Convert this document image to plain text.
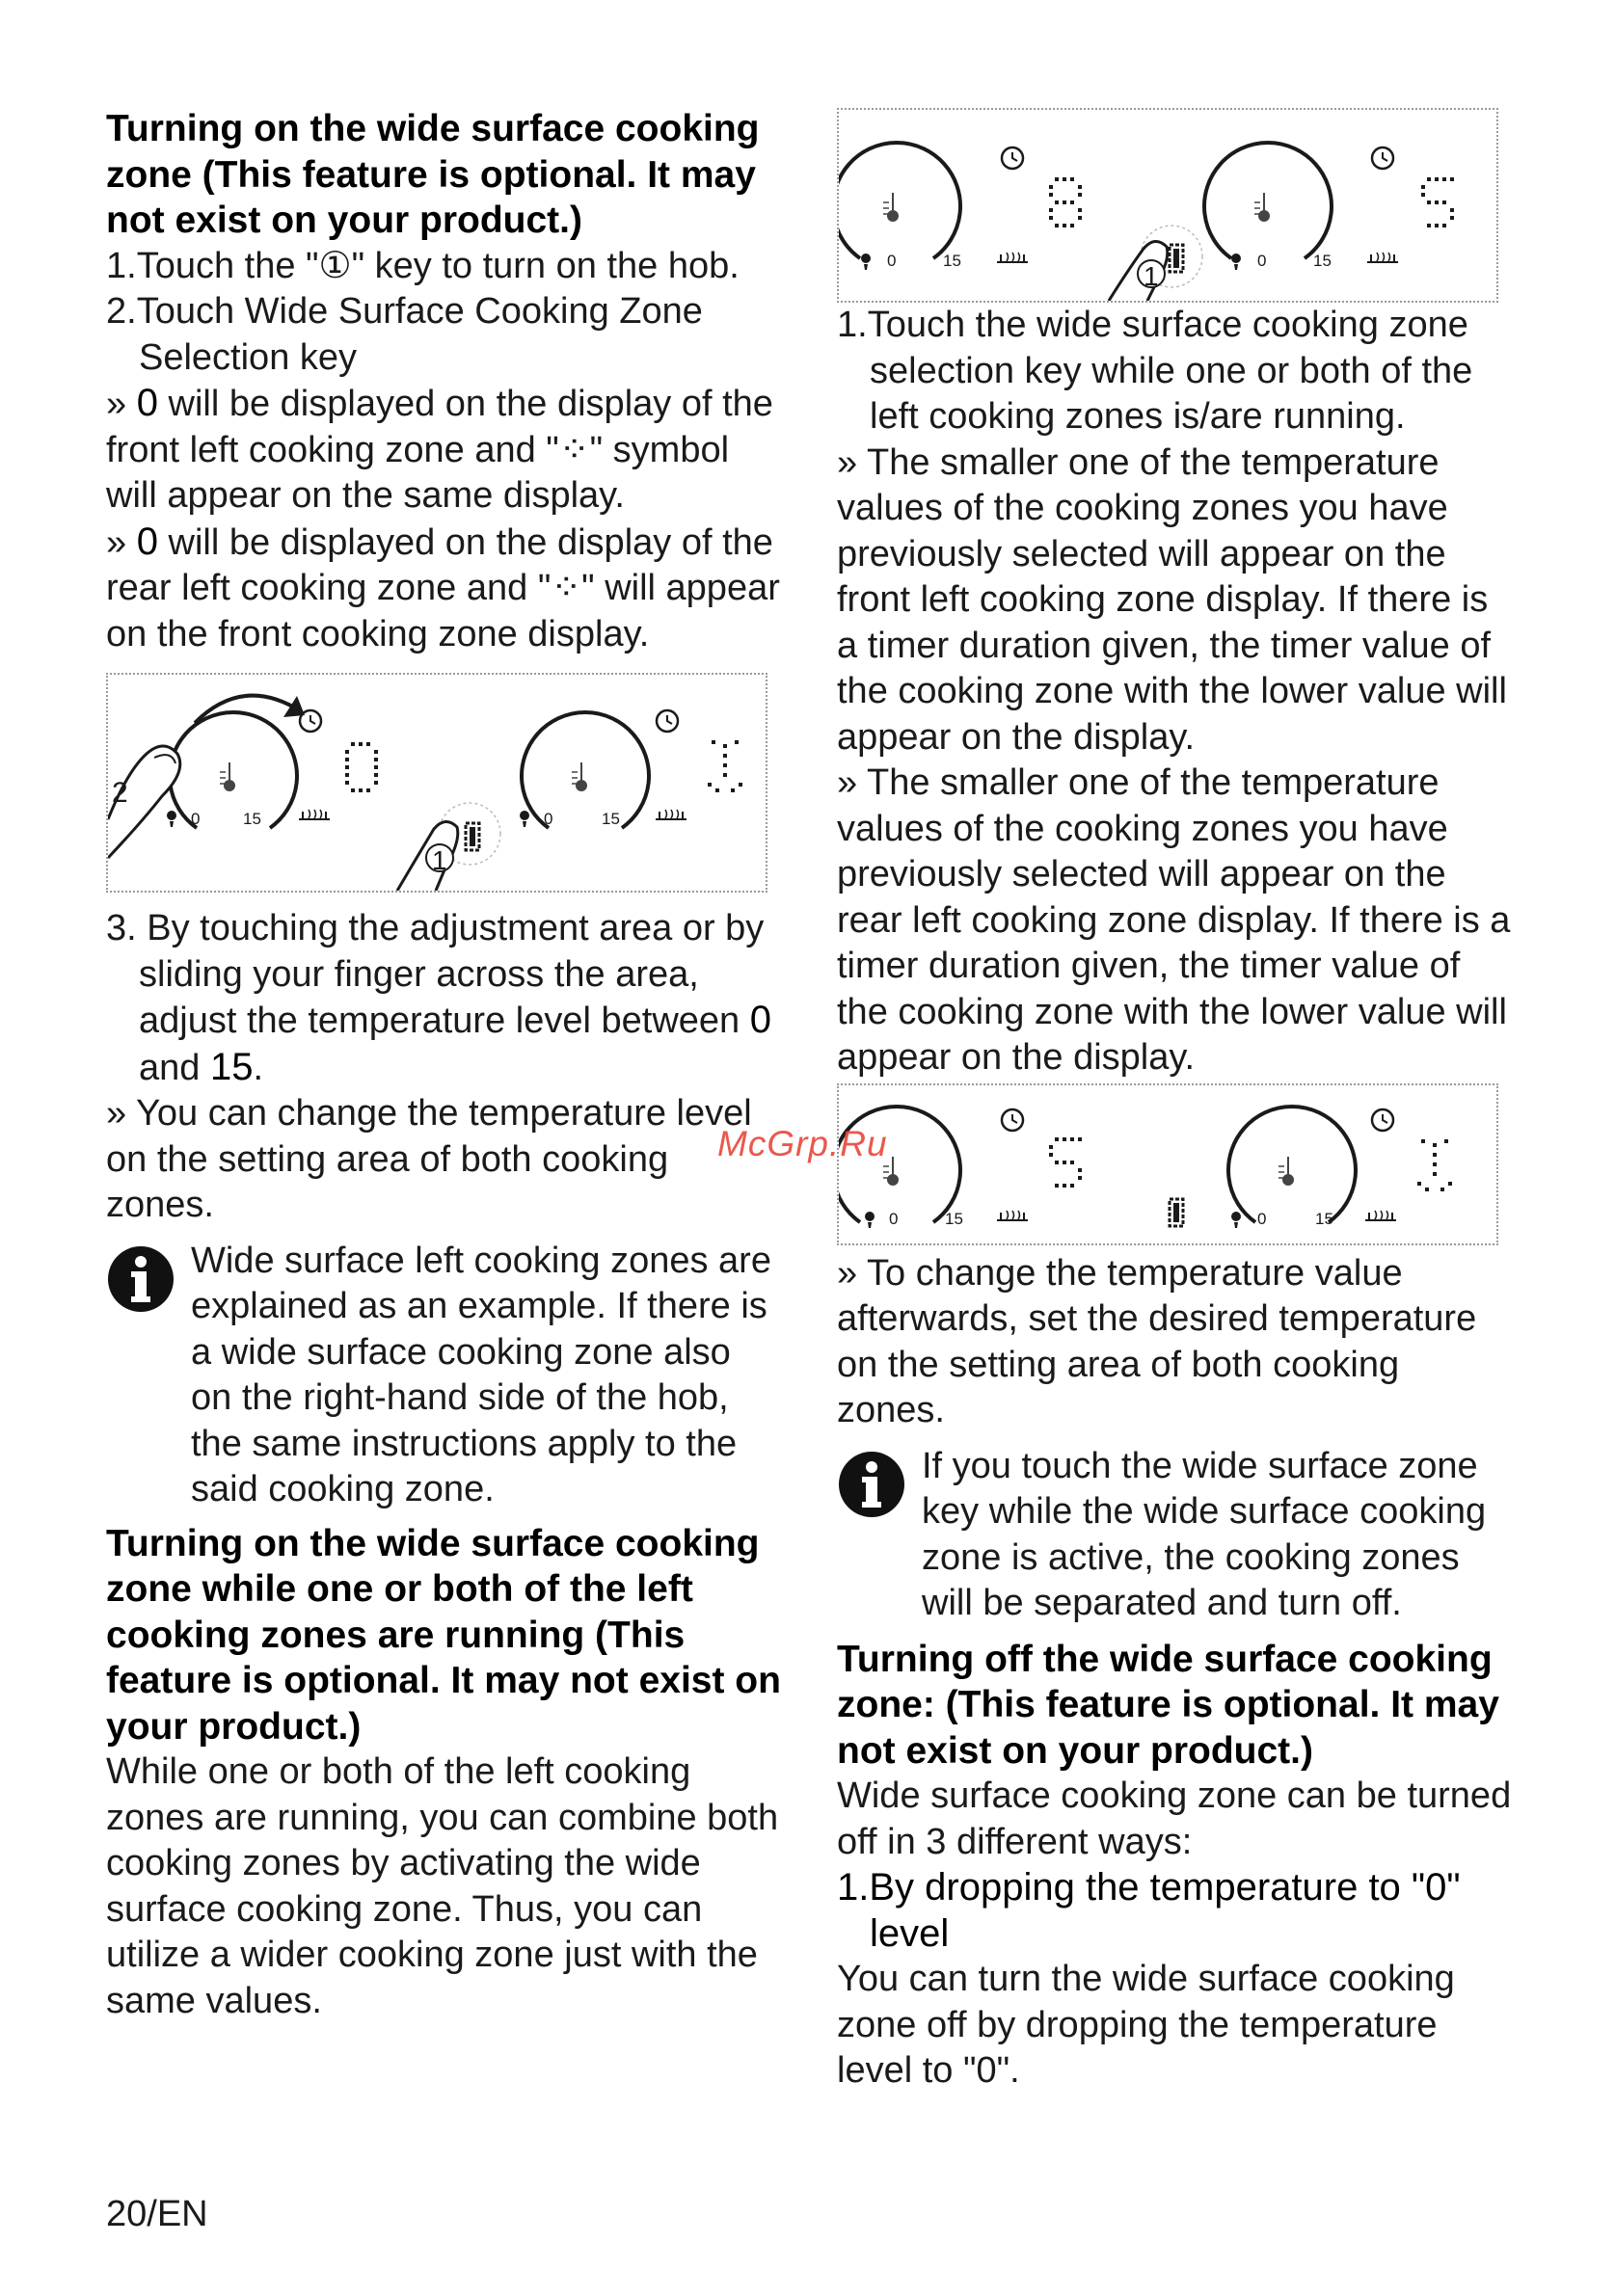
Turning on the wide surface cooking zone (This feature is optional. It may not exist on your product.)
1.Touch the "①" key to turn on the hob.
2.Touch Wide Surface Cooking Zone Selection key
» 0 will be displayed on the display of the front left cooking zone and "⁘" symbol will appear on the same display.
» 0 will be displayed on the display of the rear left cooking zone and "⁘" will appear on the front cooking zone display.
0	15
2
0	15
1
3. By touching the adjustment area or by sliding your finger across the area, adjust the temperature level between 0 and 15.
» You can change the temperature level on the setting area of both cooking zones.
Wide surface left cooking zones are explained as an example. If there is a wide surface cooking zone also on the right-hand side of the hob, the same instructions apply to the said cooking zone.
Turning on the wide surface cooking zone while one or both of the left cooking zones are running (This feature is optional. It may not exist on your product.)
While one or both of the left cooking zones are running, you can combine both cooking zones by activating the wide surface cooking zone. Thus, you can utilize a wider cooking zone just with the same values.
0	15	0	15
1
1.Touch the wide surface cooking zone selection key while one or both of the left cooking zones is/are running.
» The smaller one of the temperature values of the cooking zones you have previously selected will appear on the front left cooking zone display. If there is a timer duration given, the timer value of the cooking zone with the lower value will appear on the display.
» The smaller one of the temperature values of the cooking zones you have previously selected will appear on the rear left cooking zone display. If there is a timer duration given, the timer value of the cooking zone with the lower value will appear on the display.
0	15	0	15
» To change the temperature value afterwards, set the desired temperature on the setting area of both cooking zones.
If you touch the wide surface zone key while the wide surface cooking zone is active, the cooking zones will be separated and turn off.
Turning off the wide surface cooking zone: (This feature is optional. It may not exist on your product.)
Wide surface cooking zone can be turned off in 3 different ways:
1.By dropping the temperature to "0" level
You can turn the wide surface cooking zone off by dropping the temperature level to "0".
McGrp.Ru
20/EN
